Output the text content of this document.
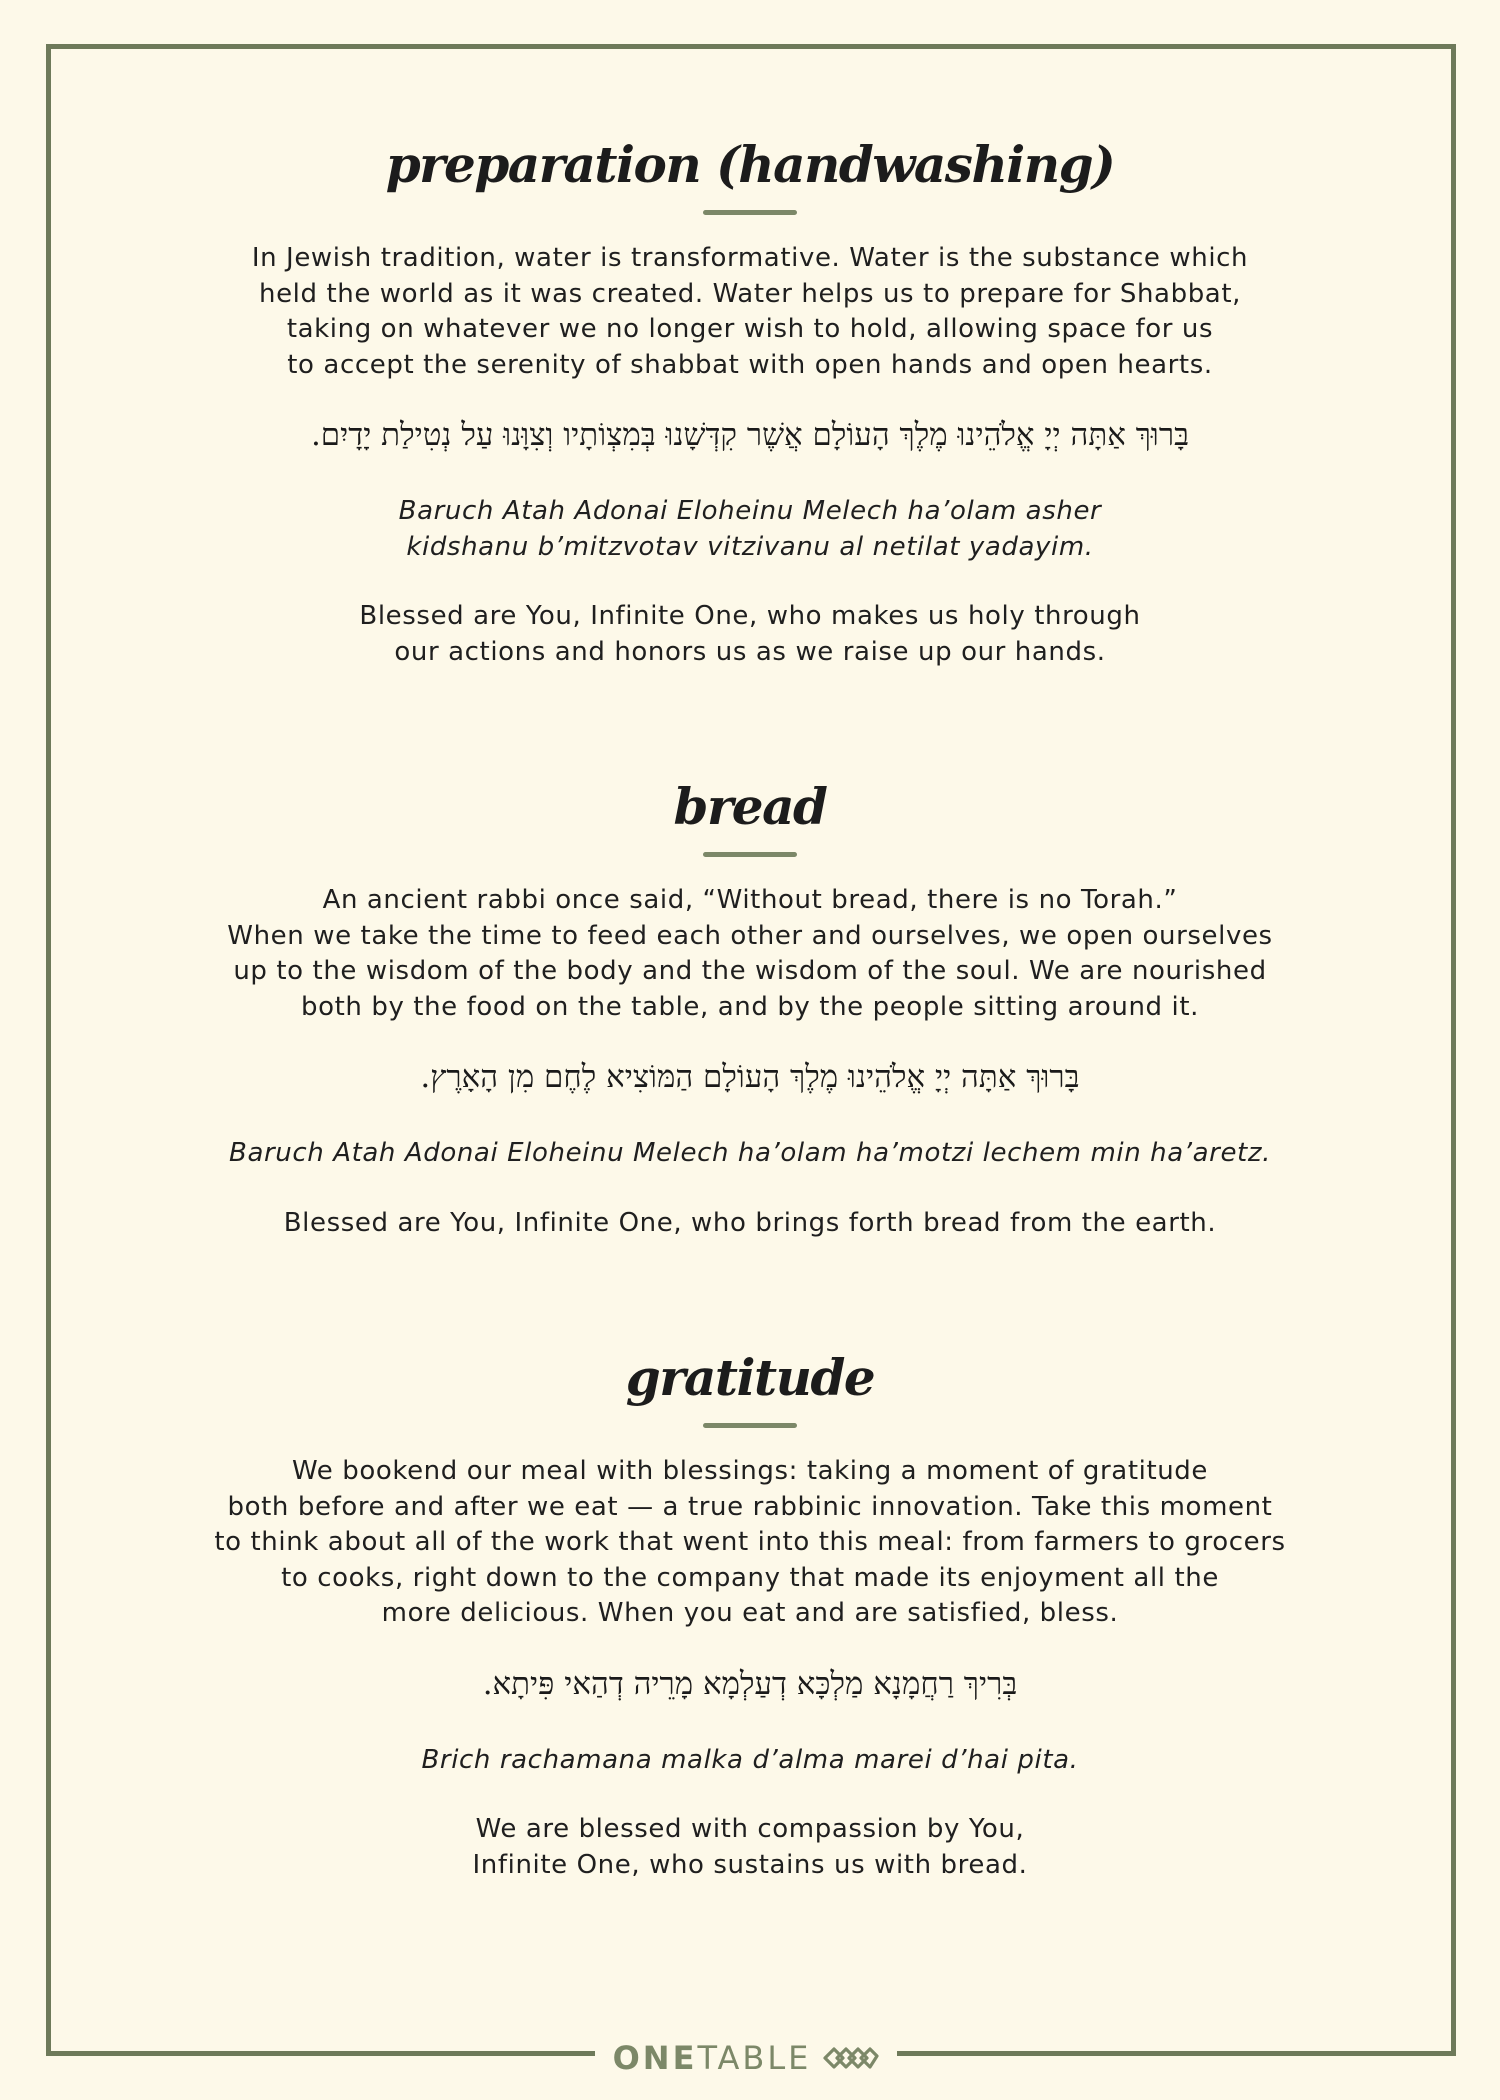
ONETABLE
preparation (handwashing)
In Jewish tradition, water is transformative. Water is the substance which
held the world as it was created. Water helps us to prepare for Shabbat,
taking on whatever we no longer wish to hold, allowing space for us
to accept the serenity of shabbat with open hands and open hearts.
בָּרוּךְ אַתָּה יְיָ אֱלֹהֵינוּ מֶלֶךְ הָעוֹלָם אֲשֶׁר קִדְּשָׁנוּ בְּמִצְוֹתָיו וְצִוָּנוּ עַל נְטִילַת יָדָיִם.
Baruch Atah Adonai Eloheinu Melech ha’olam asher
kidshanu b’mitzvotav vitzivanu al netilat yadayim.
Blessed are You, Infinite One, who makes us holy through
our actions and honors us as we raise up our hands.
bread
An ancient rabbi once said, “Without bread, there is no Torah.”
When we take the time to feed each other and ourselves, we open ourselves
up to the wisdom of the body and the wisdom of the soul. We are nourished
both by the food on the table, and by the people sitting around it.
בָּרוּךְ אַתָּה יְיָ אֱלֹהֵינוּ מֶלֶךְ הָעוֹלָם הַמּוֹצִיא לֶחֶם מִן הָאָרֶץ.
Baruch Atah Adonai Eloheinu Melech ha’olam ha’motzi lechem min ha’aretz.
Blessed are You, Infinite One, who brings forth bread from the earth.
gratitude
We bookend our meal with blessings: taking a moment of gratitude
both before and after we eat — a true rabbinic innovation. Take this moment
to think about all of the work that went into this meal: from farmers to grocers
to cooks, right down to the company that made its enjoyment all the
more delicious. When you eat and are satisfied, bless.
בְּרִיךְ רַחֲמָנָא מַלְכָּא דְעַלְמָא מָרֵיה דְהַאי פִּיתָא.
Brich rachamana malka d’alma marei d’hai pita.
We are blessed with compassion by You,
Infinite One, who sustains us with bread.
